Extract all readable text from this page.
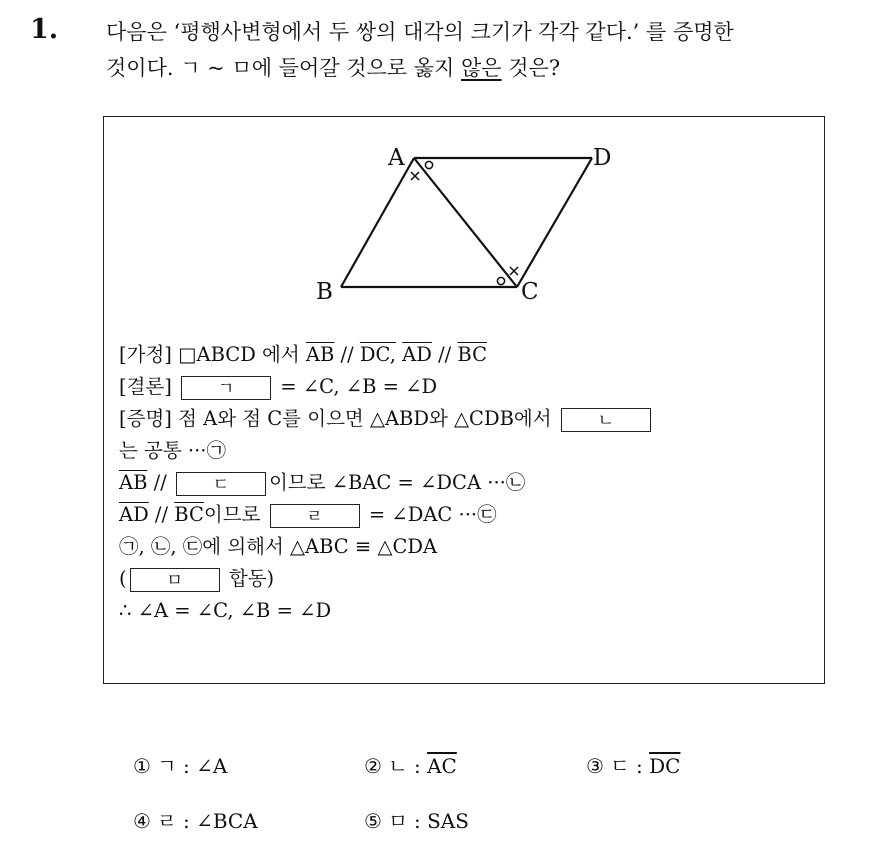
1. 다음은 ‘평행사변형에서 두 쌍의 대각의 크기가 각각 같다.’ 를 증명한
것이다. ㄱ ~ ㅁ에 들어갈 것으로 옳지 않은 것은?
A	D
B	C
[가정] □ABCD 에서 $\overline{AB}$ // DC, $\overline{AD} // \overline{BC}$
[결론]	ㄱ = ∠C, ∠B = ∠D
[증명] 점 A와 점 C를 이으면 △ABD와 △CDB에서	ㄴ
는 공통 ···㉠
$\overline{AB}$ //	ㄷ 이므로 ∠BAC = ∠DCA ···㉡
$\overline{AD} // \overline{BC}$이므로	ㄹ = ∠DAC ···㉢
㉠, ㉡, ㉢에 의해서 △ABC ≡ △CDA
( ㅁ 합동)
∴ ∠A = ∠C, ∠B = ∠D
① ㄱ : ∠A	② ㄴ : $\overline{AC}$	③ ㄷ : $\overline{DC}$
④ ㄹ : ∠BCA	⑤ ㅁ : SAS
